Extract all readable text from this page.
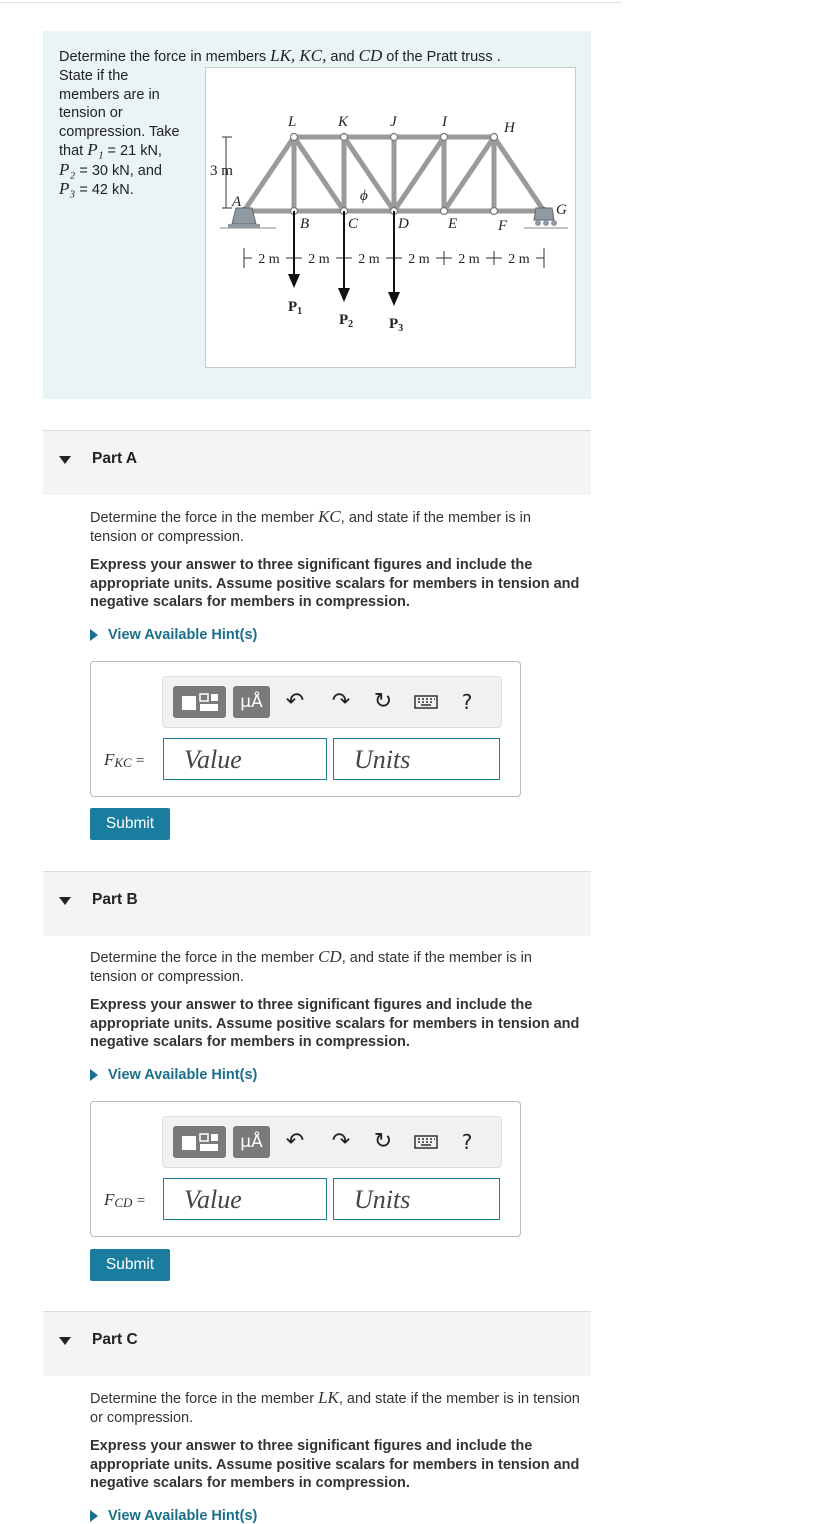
Determine the force in members LK, KC, and CD of the Pratt truss .
State if the
members are in
tension or
compression. Take
that P₁ = 21 kN,
P₂ = 30 kN, and
P₃ = 42 kN.
3 m
L	K	J	I	H
A
B	C	D	E	F
G
ϕ
2 m 2 m 2 m 2 m 2 m 2 m
$P_1$
$P_2$ $P_3$
Part A
Determine the force in the member KC, and state if the member is in tension or compression.
Express your answer to three significant figures and include the appropriate units. Assume positive scalars for members in tension and negative scalars for members in compression.
View Available Hint(s)
μÅ	↶ ↷ ↻	?
$F_{KC}$ =	Value	Units
Submit
Part B
Determine the force in the member CD, and state if the member is in tension or compression.
Express your answer to three significant figures and include the appropriate units. Assume positive scalars for members in tension and negative scalars for members in compression.
View Available Hint(s)
μÅ	↶ ↷ ↻	?
$F_{CD}$ =	Value	Units
Submit
Part C
Determine the force in the member LK, and state if the member is in tension or compression.
Express your answer to three significant figures and include the appropriate units. Assume positive scalars for members in tension and negative scalars for members in compression.
View Available Hint(s)
